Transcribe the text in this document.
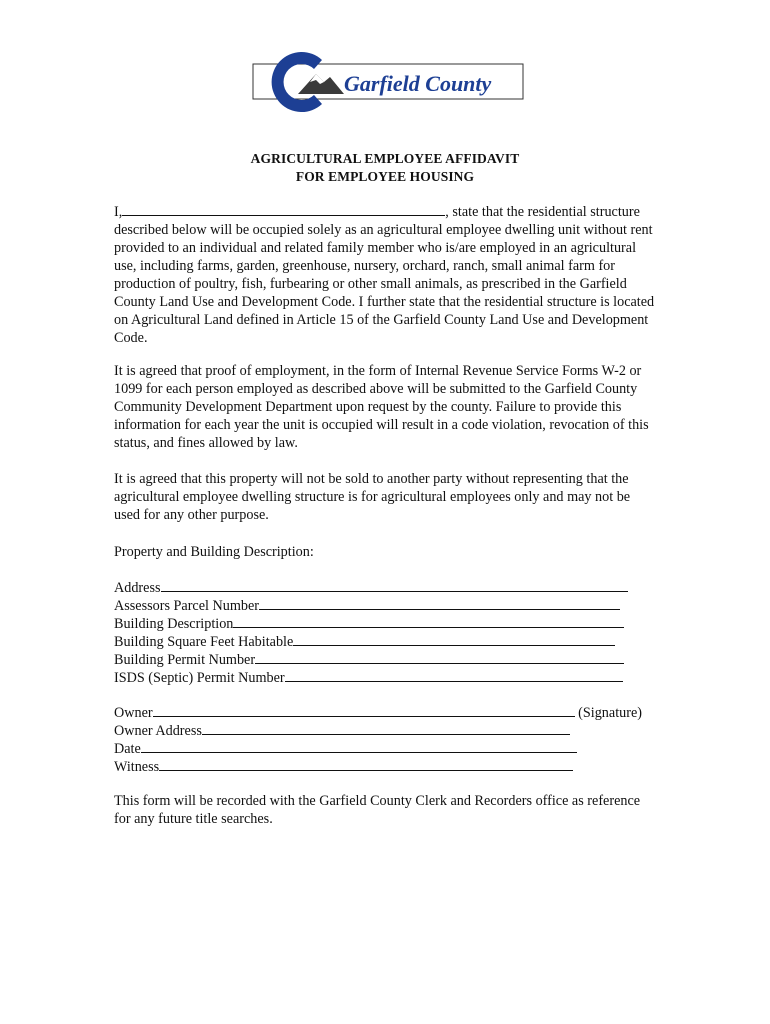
Garfield County
AGRICULTURAL EMPLOYEE AFFIDAVIT
FOR EMPLOYEE HOUSING

I,	, state that the residential structure described below will be occupied solely as an agricultural employee dwelling unit without rent provided to an individual and related family member who is/are employed in an agricultural use, including farms, garden, greenhouse, nursery, orchard, ranch, small animal farm for production of poultry, fish, furbearing or other small animals, as prescribed in the Garfield County Land Use and Development Code. I further state that the residential structure is located on Agricultural Land defined in Article 15 of the Garfield County Land Use and Development Code.

It is agreed that proof of employment, in the form of Internal Revenue Service Forms W-2 or 1099 for each person employed as described above will be submitted to the Garfield County Community Development Department upon request by the county. Failure to provide this information for each year the unit is occupied will result in a code violation, revocation of this status, and fines allowed by law.
It is agreed that this property will not be sold to another party without representing that the agricultural employee dwelling structure is for agricultural employees only and may not be used for any other purpose.
Property and Building Description:
Address
Assessors Parcel Number
Building Description
Building Square Feet Habitable
Building Permit Number
ISDS (Septic) Permit Number
Owner	(Signature)
Owner Address
Date
Witness
This form will be recorded with the Garfield County Clerk and Recorders office as reference for any future title searches.
